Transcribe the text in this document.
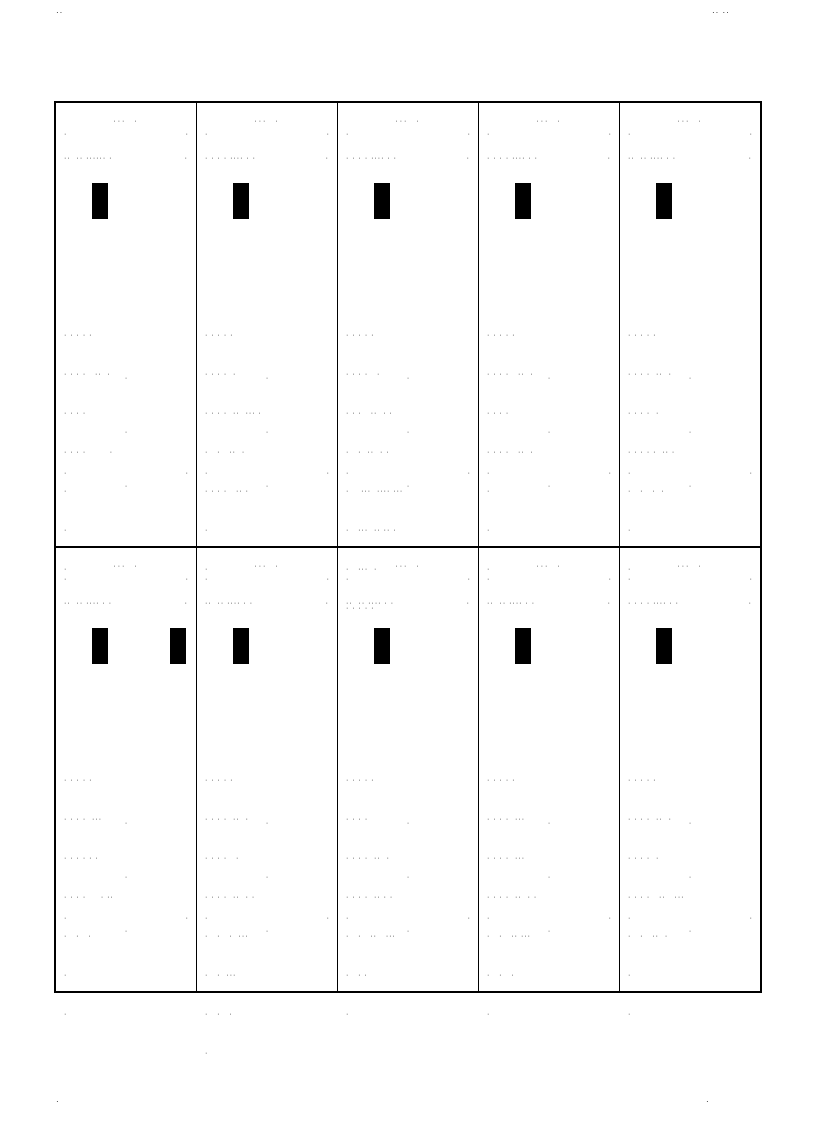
··	·· ··
·	·
···  ·
·	·
··  ·· ······ ·	·

· · · · ·

· · · ·   ··  ·

· · · ·

· · · ·        ·

·

·

·

·	·

·

·

·

···  ·
·	·
· · · · ···· · ·	·

· · · · ·

· · · ·  ·

· · · ·  ··  ··· ·

·   ·   ··  ·

· · · ·   ·· ·

·

·

·	·

·

·

·

···  ·
·	·
· · · · ···· · ·	·

· · · · ·

· · · ·   ·

· · ·   ··  · ·

·   ·  ··  · ·

·    ···  ···· ···

·   ···  ·· ·· ·

·   ···  ·

· · · · ·

·	·

·

·

·

···  ·
·	·
· · · · ···· · ·	·

· · · · ·

· · · ·   ··  ·

· · · ·

· · · ·   ··  ·

·

·

·

·	·

·

·

·

···  ·
·	·
··  ·· ···· · ·	·

· · · · ·

· · · ·  ··  ·

· · · ·  ·

· · · · ·  ·· ·

·   ·   ·  ·

·

·

·	·

·

·

·

···  ·
·	·
··  ·· ···· · ·	·

· · · · ·

· · · ·  ···

· · · · · ·

· · · ·     · ··

·   ·   ·

·

·

·	·

·

·

·

···  ·
·	·
··  ·· ···· · ·	·

· · · · ·

· · · ·  ··  ·

· · · ·   ·

· · · ·  ··  · ·

·   ·   ·  ···

·   ·  ···

·   ·   ·

·

·	·

·

·

·

···  ·
·	·
··  ·· ···· · ·	·

· · · · ·

· · · ·

· · · ·  ··  ·

· · · ·  ·· · ·

·   ·   ··   ···

·   · ·

·

·	·

·

·

·

···  ·
·	·
··  ·· ···· · ·	·

· · · · ·

· · · ·  ···

· · · ·  ···

· · · ·  ··  · ·

·   ·   ·· ···

·   ·   ·

·

·	·

·

·

·

···  ·
·	·
· · · · ···· · ·	·

· · · · ·

· · · ·  ··  ·

· · · ·  ·

· · · ·   ··   ···

·   ·   ··  ·

·

·

·	·

·

·

·
